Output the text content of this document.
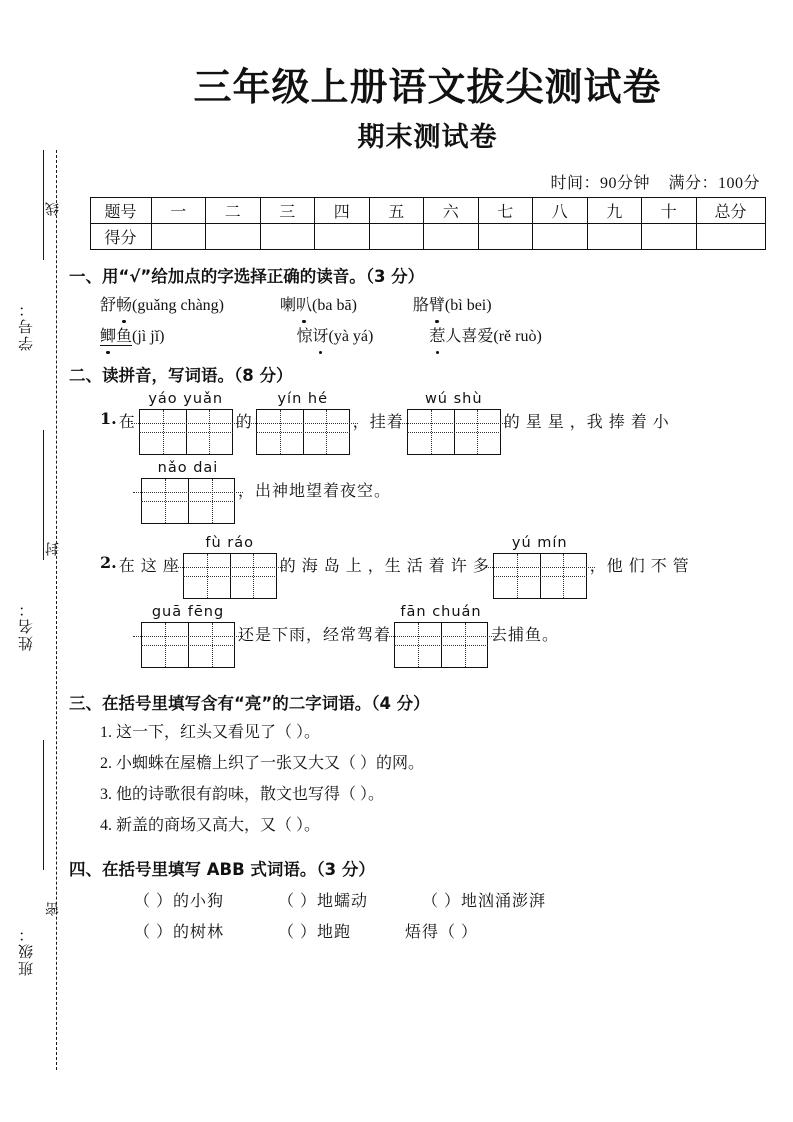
线
学号：
封
姓名：
密
班级：
三年级上册语文拔尖测试卷
期末测试卷
时间：90分钟 满分：100分
题号	一	二	三	四	五	六	七	八	九	十	总分
得分											
一、用“√”给加点的字选择正确的读音。（3 分）
舒畅(guǎng chàng)	喇叭(ba bā)	胳臂(bì bei)
鲫鱼(jì jǐ)	惊讶(yà yá)	惹人喜爱(rě ruò)
二、读拼音，写词语。（8 分）
1. 在
yáo yuǎn
的
yín hé
，挂着
wú shù
的 星 星 ，我 捧 着 小
nǎo dai
，出神地望着夜空。
2. 在 这 座
fù ráo
的 海 岛 上 ，生 活 着 许 多
yú mín
，他 们 不 管
guā fēng
还是下雨，经常驾着
fān chuán
去捕鱼。
三、在括号里填写含有“亮”的二字词语。（4 分）
1. 这一下，红头又看见了（ ）。
2. 小蜘蛛在屋檐上织了一张又大又（ ）的网。
3. 他的诗歌很有韵味，散文也写得（ ）。
4. 新盖的商场又高大，又（ ）。
四、在括号里填写 ABB 式词语。（3 分）
（ ）的小狗	（ ）地蠕动	（ ）地汹涌澎湃
（ ）的树林	（ ）地跑	焐得（ ）
